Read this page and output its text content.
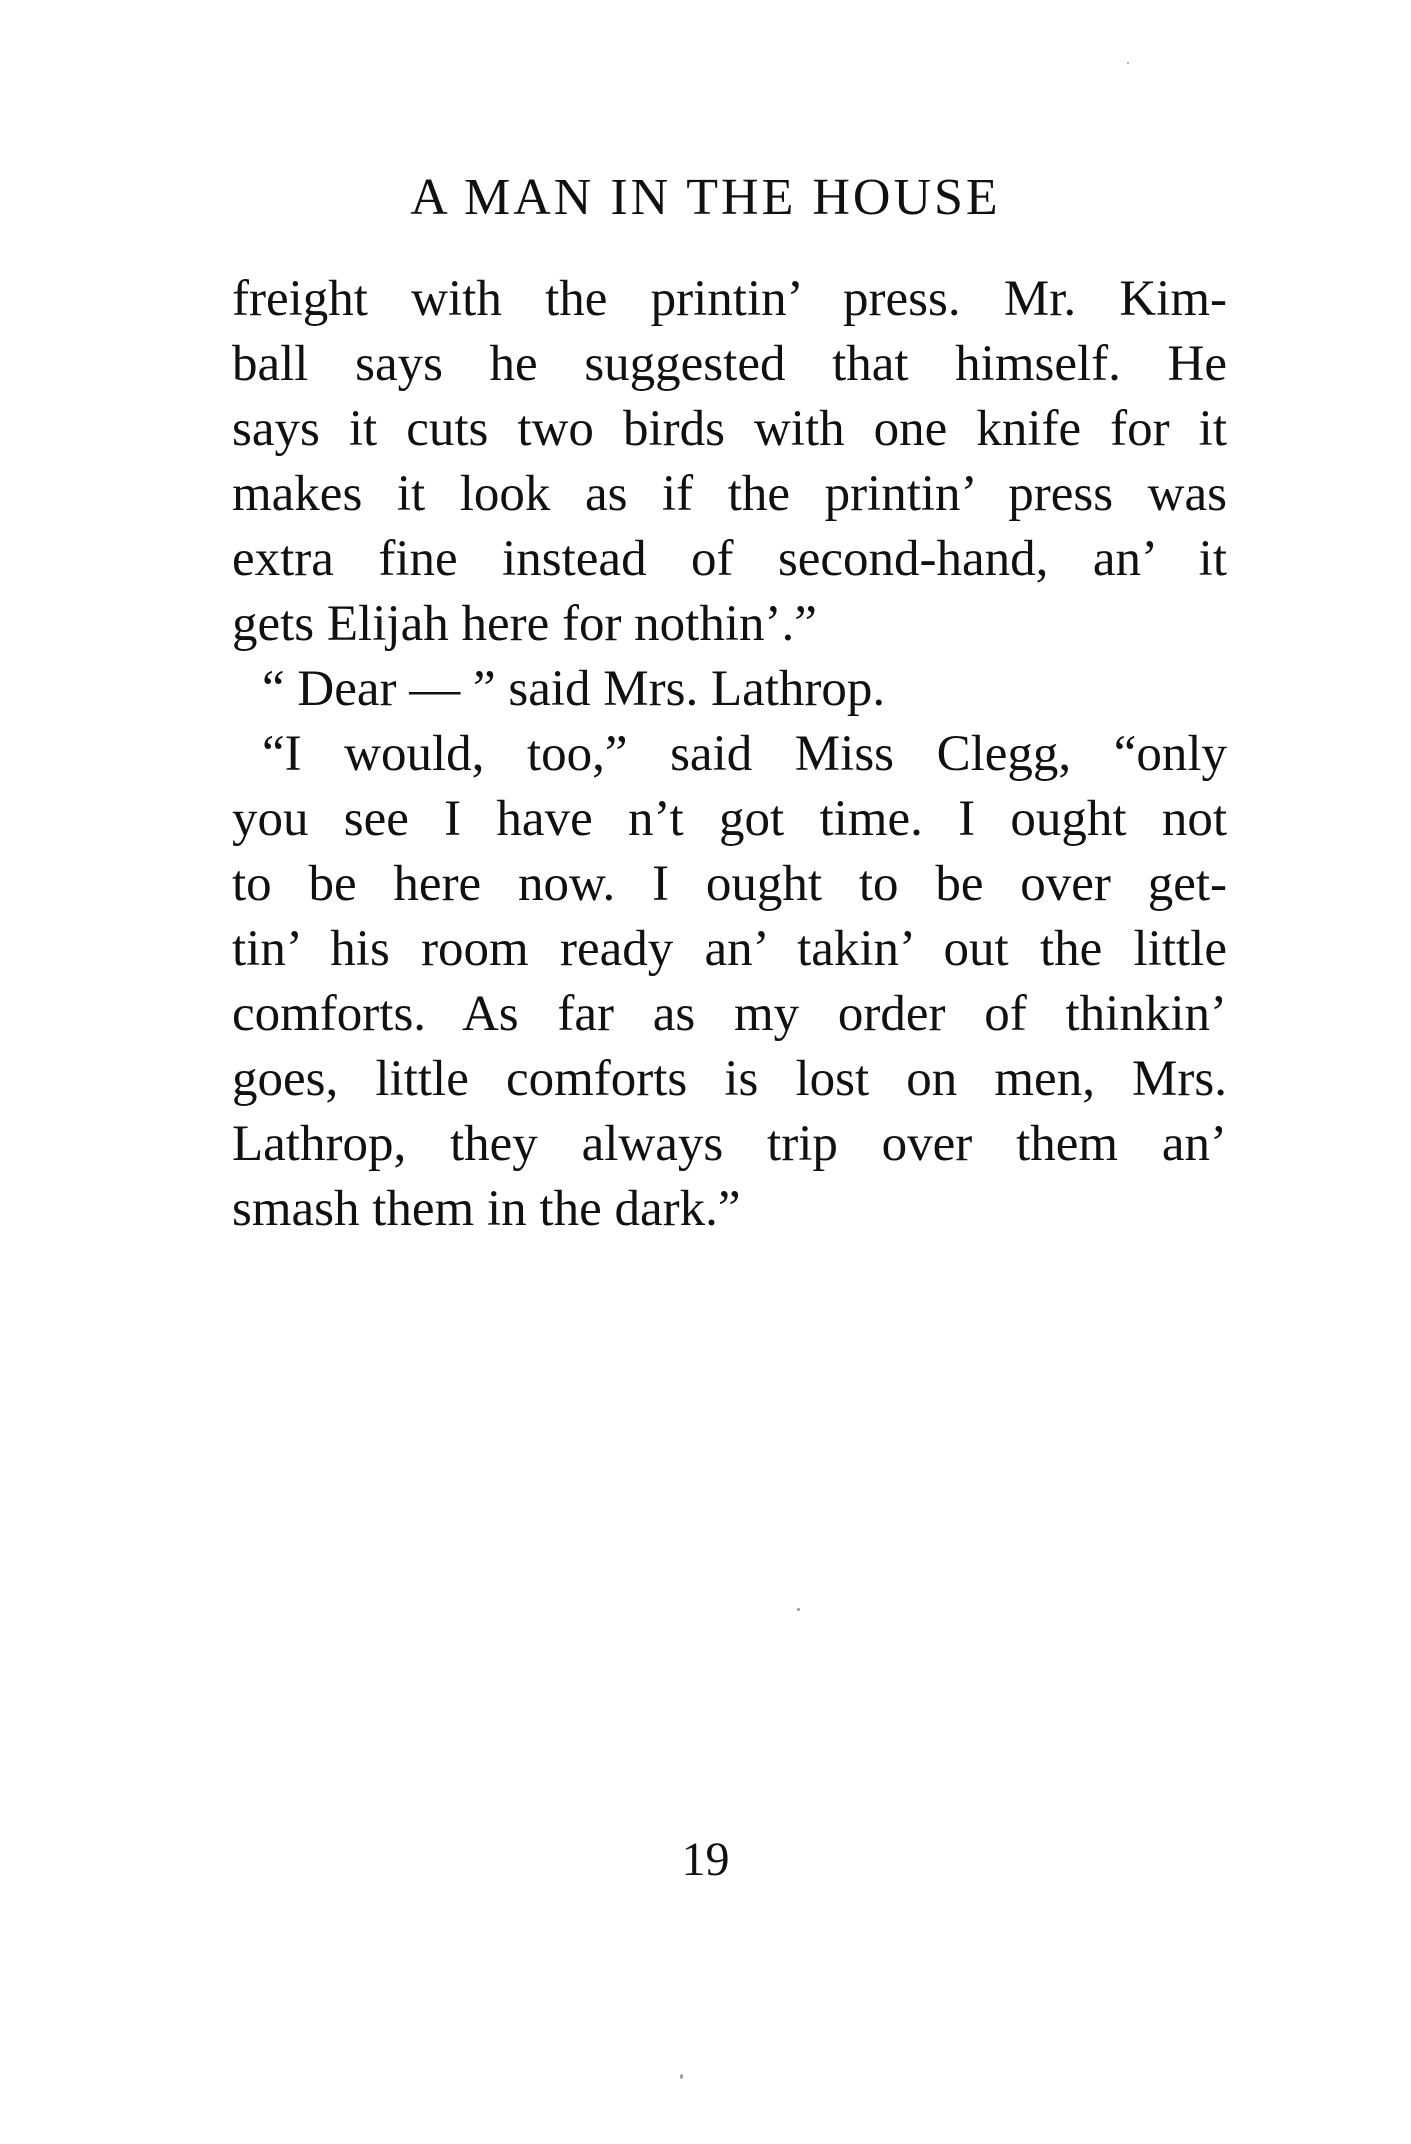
A MAN IN THE HOUSE
freight with the printin’ press. Mr. Kim-
ball says he suggested that himself. He
says it cuts two birds with one knife for it
makes it look as if the printin’ press was
extra fine instead of second-hand, an’ it
gets Elijah here for nothin’.”
“ Dear — ” said Mrs. Lathrop.
“I would, too,” said Miss Clegg, “only
you see I have n’t got time. I ought not
to be here now. I ought to be over get-
tin’ his room ready an’ takin’ out the little
comforts. As far as my order of thinkin’
goes, little comforts is lost on men, Mrs.
Lathrop, they always trip over them an’
smash them in the dark.”
19
